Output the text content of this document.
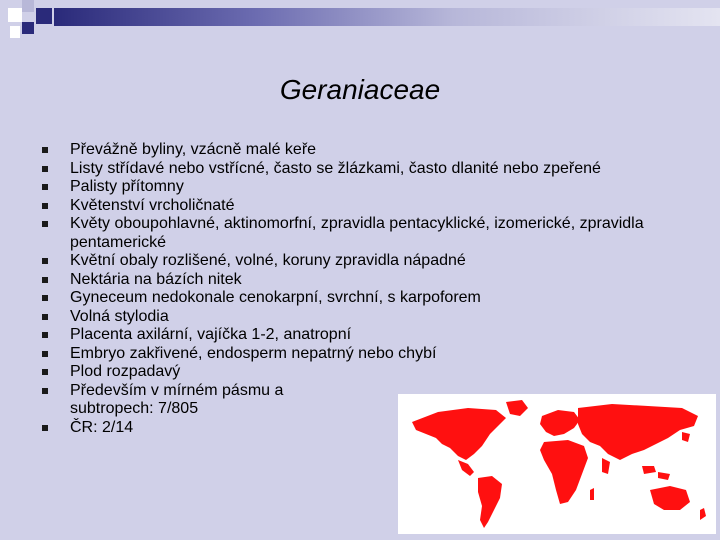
Geraniaceae
Převážně byliny, vzácně malé keře
Listy střídavé nebo vstřícné, často se žlázkami, často dlanité nebo zpeřené
Palisty přítomny
Květenství vrcholičnaté
Květy oboupohlavné, aktinomorfní, zpravidla pentacyklické, izomerické, zpravidla pentamerické
Květní obaly rozlišené, volné, koruny zpravidla nápadné
Nektária na bázích nitek
Gyneceum nedokonale cenokarpní, svrchní, s karpoforem
Volná stylodia
Placenta axilární, vajíčka 1-2, anatropní
Embryo zakřivené, endosperm nepatrný nebo chybí
Plod rozpadavý
Především v mírném pásmu a subtropech: 7/805
ČR: 2/14
